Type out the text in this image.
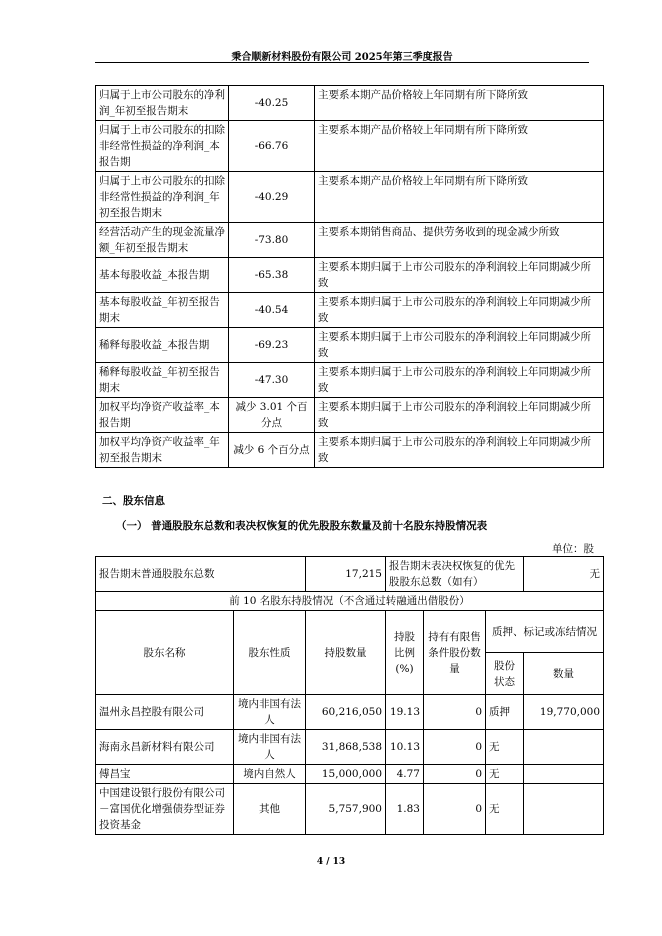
秉合顺新材料股份有限公司 2025年第三季度报告
归属于上市公司股东的净利润_年初至报告期末	-40.25	主要系本期产品价格较上年同期有所下降所致
归属于上市公司股东的扣除非经常性损益的净利润_本报告期	-66.76	主要系本期产品价格较上年同期有所下降所致
归属于上市公司股东的扣除非经常性损益的净利润_年初至报告期末	-40.29	主要系本期产品价格较上年同期有所下降所致
经营活动产生的现金流量净额_年初至报告期末	-73.80	主要系本期销售商品、提供劳务收到的现金减少所致
基本每股收益_本报告期	-65.38	主要系本期归属于上市公司股东的净利润较上年同期减少所致
基本每股收益_年初至报告期末	-40.54	主要系本期归属于上市公司股东的净利润较上年同期减少所致
稀释每股收益_本报告期	-69.23	主要系本期归属于上市公司股东的净利润较上年同期减少所致
稀释每股收益_年初至报告期末	-47.30	主要系本期归属于上市公司股东的净利润较上年同期减少所致
加权平均净资产收益率_本报告期	减少 3.01 个百分点	主要系本期归属于上市公司股东的净利润较上年同期减少所致
加权平均净资产收益率_年初至报告期末	减少 6 个百分点	主要系本期归属于上市公司股东的净利润较上年同期减少所致
二、股东信息
（一） 普通股股东总数和表决权恢复的优先股股东数量及前十名股东持股情况表
单位：股
报告期末普通股股东总数		17,215	报告期末表决权恢复的优先股股东总数（如有）			无
前 10 名股东持股情况（不含通过转融通出借股份）						
股东名称	股东性质	持股数量	持股比例(%)	持有有限售条件股份数量	质押、标记或冻结情况	
					股份状态	数量
温州永昌控股有限公司	境内非国有法人	60,216,050	19.13	0	质押	19,770,000
海南永昌新材料有限公司	境内非国有法人	31,868,538	10.13	0	无	
傅昌宝	境内自然人	15,000,000	4.77	0	无	
中国建设银行股份有限公司－富国优化增强债券型证券投资基金	其他	5,757,900	1.83	0	无	
4 / 13
